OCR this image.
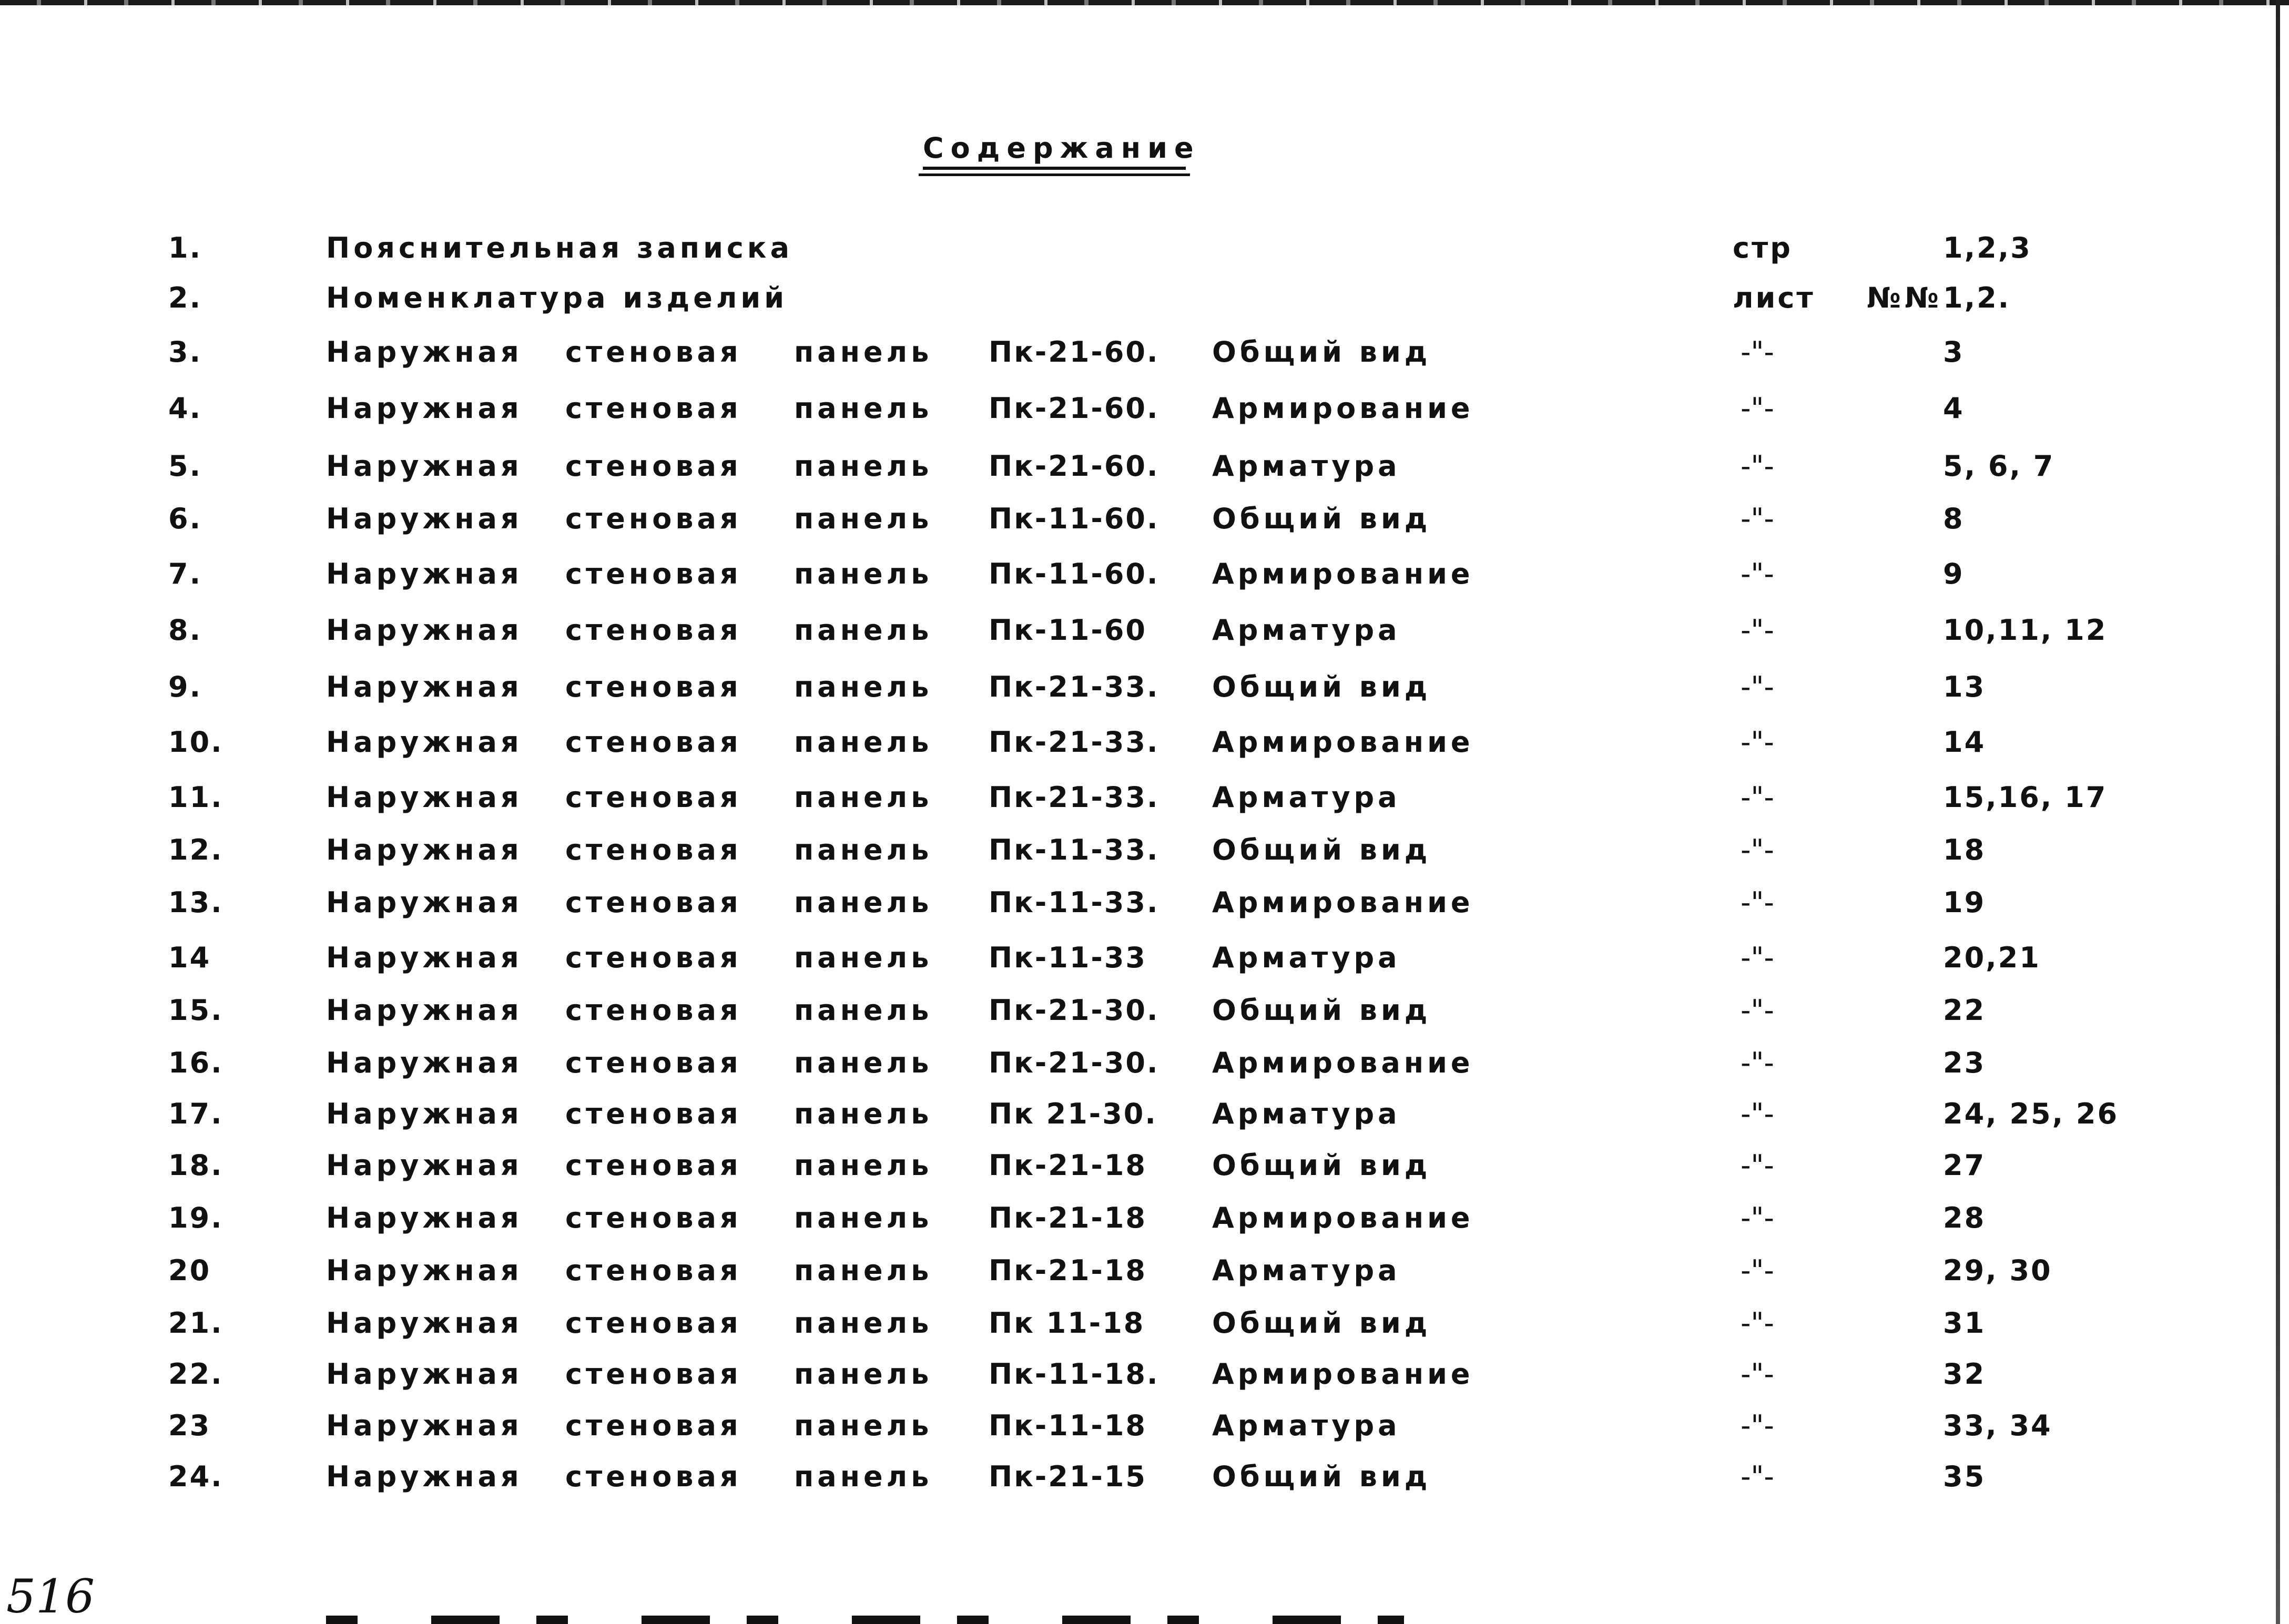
Содержание
1.	Пояснительная записка	стр	1,2,3
2.	Номенклатура изделий	лист №№ 1,2.
3.	Наружная стеновая панель Пк-21-60. Общий вид	-"-	3
4.	Наружная стеновая панель Пк-21-60. Армирование	-"-	4
5.	Наружная стеновая панель Пк-21-60. Арматура	-"-	5, 6, 7
6.	Наружная стеновая панель Пк-11-60. Общий вид	-"-	8
7.	Наружная стеновая панель Пк-11-60. Армирование	-"-	9
8.	Наружная стеновая панель Пк-11-60 Арматура	-"-	10,11, 12
9.	Наружная стеновая панель Пк-21-33. Общий вид	-"-	13
10.	Наружная стеновая панель Пк-21-33. Армирование	-"-	14
11.	Наружная стеновая панель Пк-21-33. Арматура	-"-	15,16, 17
12.	Наружная стеновая панель Пк-11-33. Общий вид	-"-	18
13.	Наружная стеновая панель Пк-11-33. Армирование	-"-	19
14	Наружная стеновая панель Пк-11-33 Арматура	-"-	20,21
15.	Наружная стеновая панель Пк-21-30. Общий вид	-"-	22
16.	Наружная стеновая панель Пк-21-30. Армирование	-"-	23
17.	Наружная стеновая панель Пк 21-30. Арматура	-"-	24, 25, 26
18.	Наружная стеновая панель Пк-21-18 Общий вид	-"-	27
19.	Наружная стеновая панель Пк-21-18 Армирование	-"-	28
20	Наружная стеновая панель Пк-21-18 Арматура	-"-	29, 30
21.	Наружная стеновая панель Пк 11-18 Общий вид	-"-	31
22.	Наружная стеновая панель Пк-11-18. Армирование	-"-	32
23	Наружная стеновая панель Пк-11-18 Арматура	-"-	33, 34
24.	Наружная стеновая панель Пк-21-15 Общий вид	-"-	35
516
